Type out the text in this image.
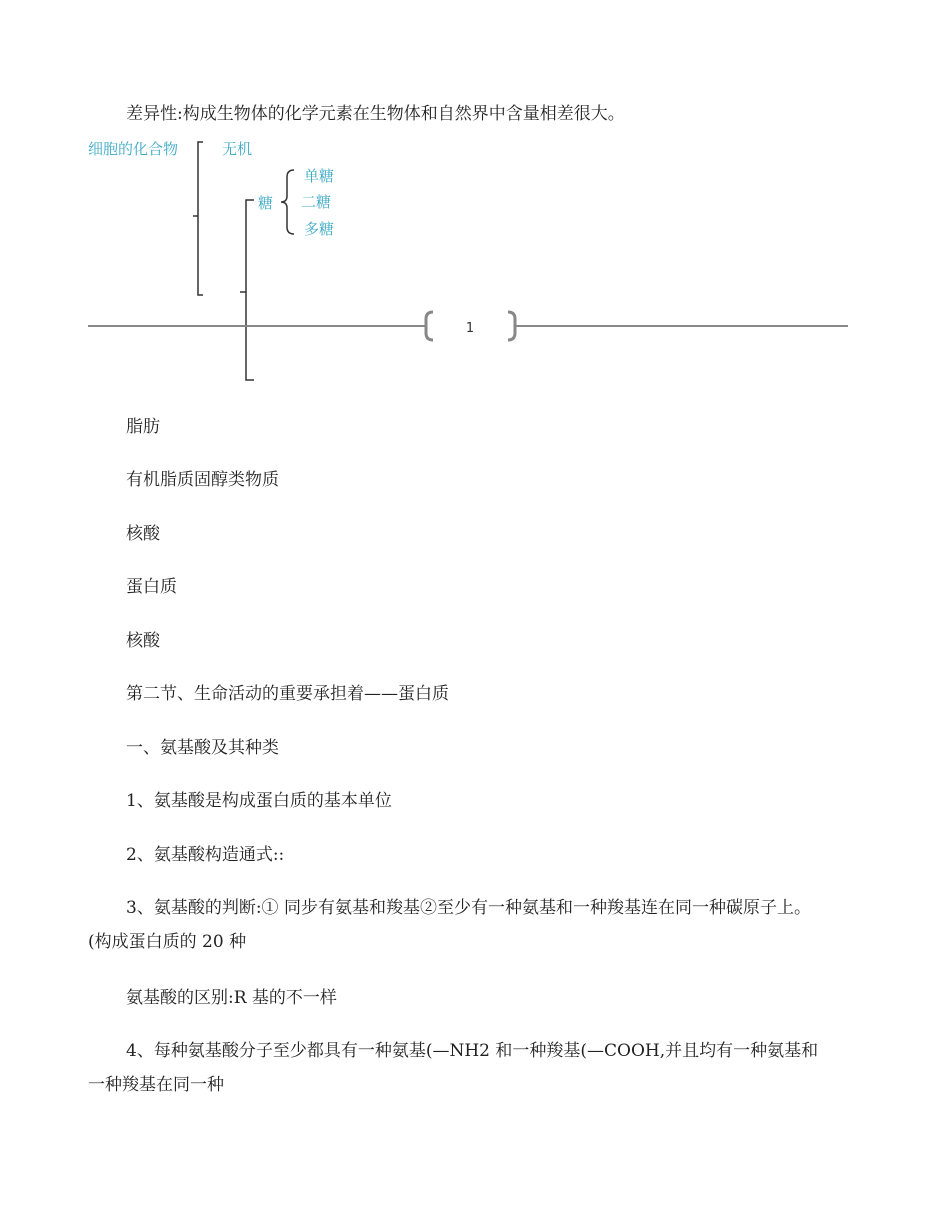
差异性:构成生物体的化学元素在生物体和自然界中含量相差很大。
细胞的化合物	无机
糖
单糖
二糖
多糖
1
脂肪
有机脂质固醇类物质
核酸
蛋白质
核酸
第二节、生命活动的重要承担着——蛋白质
一、氨基酸及其种类
1、氨基酸是构成蛋白质的基本单位
2、氨基酸构造通式::
3、氨基酸的判断:① 同步有氨基和羧基②至少有一种氨基和一种羧基连在同一种碳原子上。
(构成蛋白质的 20 种
氨基酸的区别:R 基的不一样
4、每种氨基酸分子至少都具有一种氨基(—NH2 和一种羧基(—COOH,并且均有一种氨基和
一种羧基在同一种
